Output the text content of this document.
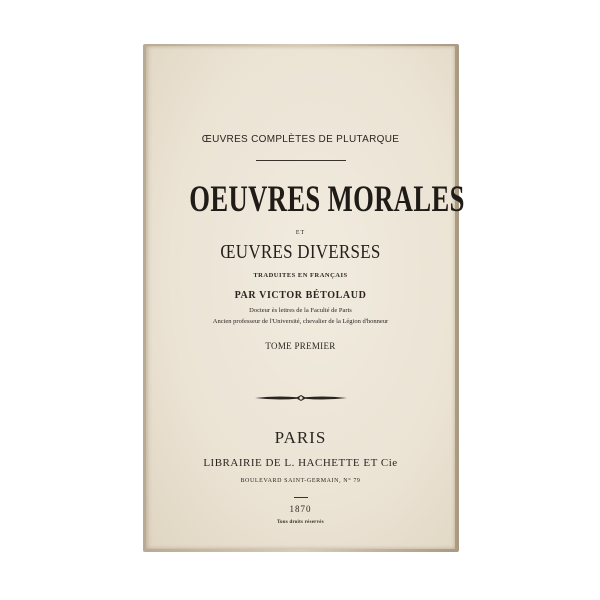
ŒUVRES COMPLÈTES DE PLUTARQUE
OEUVRES MORALES
ET
ŒUVRES DIVERSES
TRADUITES EN FRANÇAIS
PAR VICTOR BÉTOLAUD
Docteur ès lettres de la Faculté de Paris
Ancien professeur de l'Université, chevalier de la Légion d'honneur
TOME PREMIER
PARIS
LIBRAIRIE DE L. HACHETTE ET Cie
BOULEVARD SAINT-GERMAIN, N° 79
1870
Tous droits réservés
